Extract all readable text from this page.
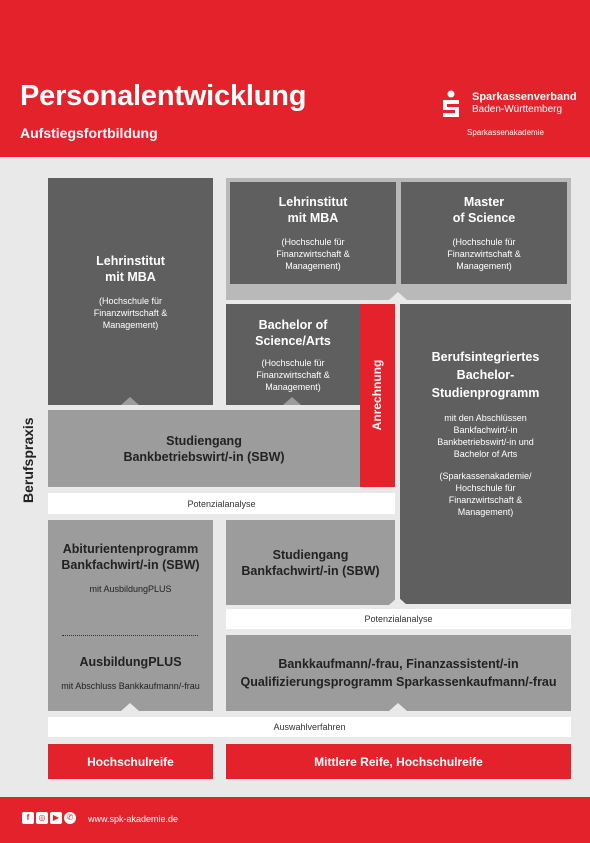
Personalentwicklung
Aufstiegsfortbildung
Sparkassenverband
Baden-Württemberg
Sparkassenakademie
Berufspraxis
Lehrinstitut
mit MBA
(Hochschule für
Finanzwirtschaft &
Management)
Lehrinstitut
mit MBA
(Hochschule für
Finanzwirtschaft &
Management)
Master
of Science
(Hochschule für
Finanzwirtschaft &
Management)
Bachelor of
Science/Arts
(Hochschule für
Finanzwirtschaft &
Management)	Anrechnung
Berufsintegriertes
Bachelor-
Studienprogramm
mit den Abschlüssen
Bankfachwirt/-in
Bankbetriebswirt/-in und
Bachelor of Arts
(Sparkassenakademie/
Hochschule für
Finanzwirtschaft &
Management)
Studiengang
Bankbetriebswirt/-in (SBW)
Potenzialanalyse
Abiturientenprogramm
Bankfachwirt/-in (SBW)
mit AusbildungPLUS
AusbildungPLUS
mit Abschluss Bankkaufmann/-frau
Studiengang
Bankfachwirt/-in (SBW)
Potenzialanalyse
Bankkaufmann/-frau, Finanzassistent/-in
Qualifizierungsprogramm Sparkassenkaufmann/-frau
Auswahlverfahren
Hochschulreife	Mittlere Reife, Hochschulreife
f	◎ ▶ ✆ www.spk-akademie.de
